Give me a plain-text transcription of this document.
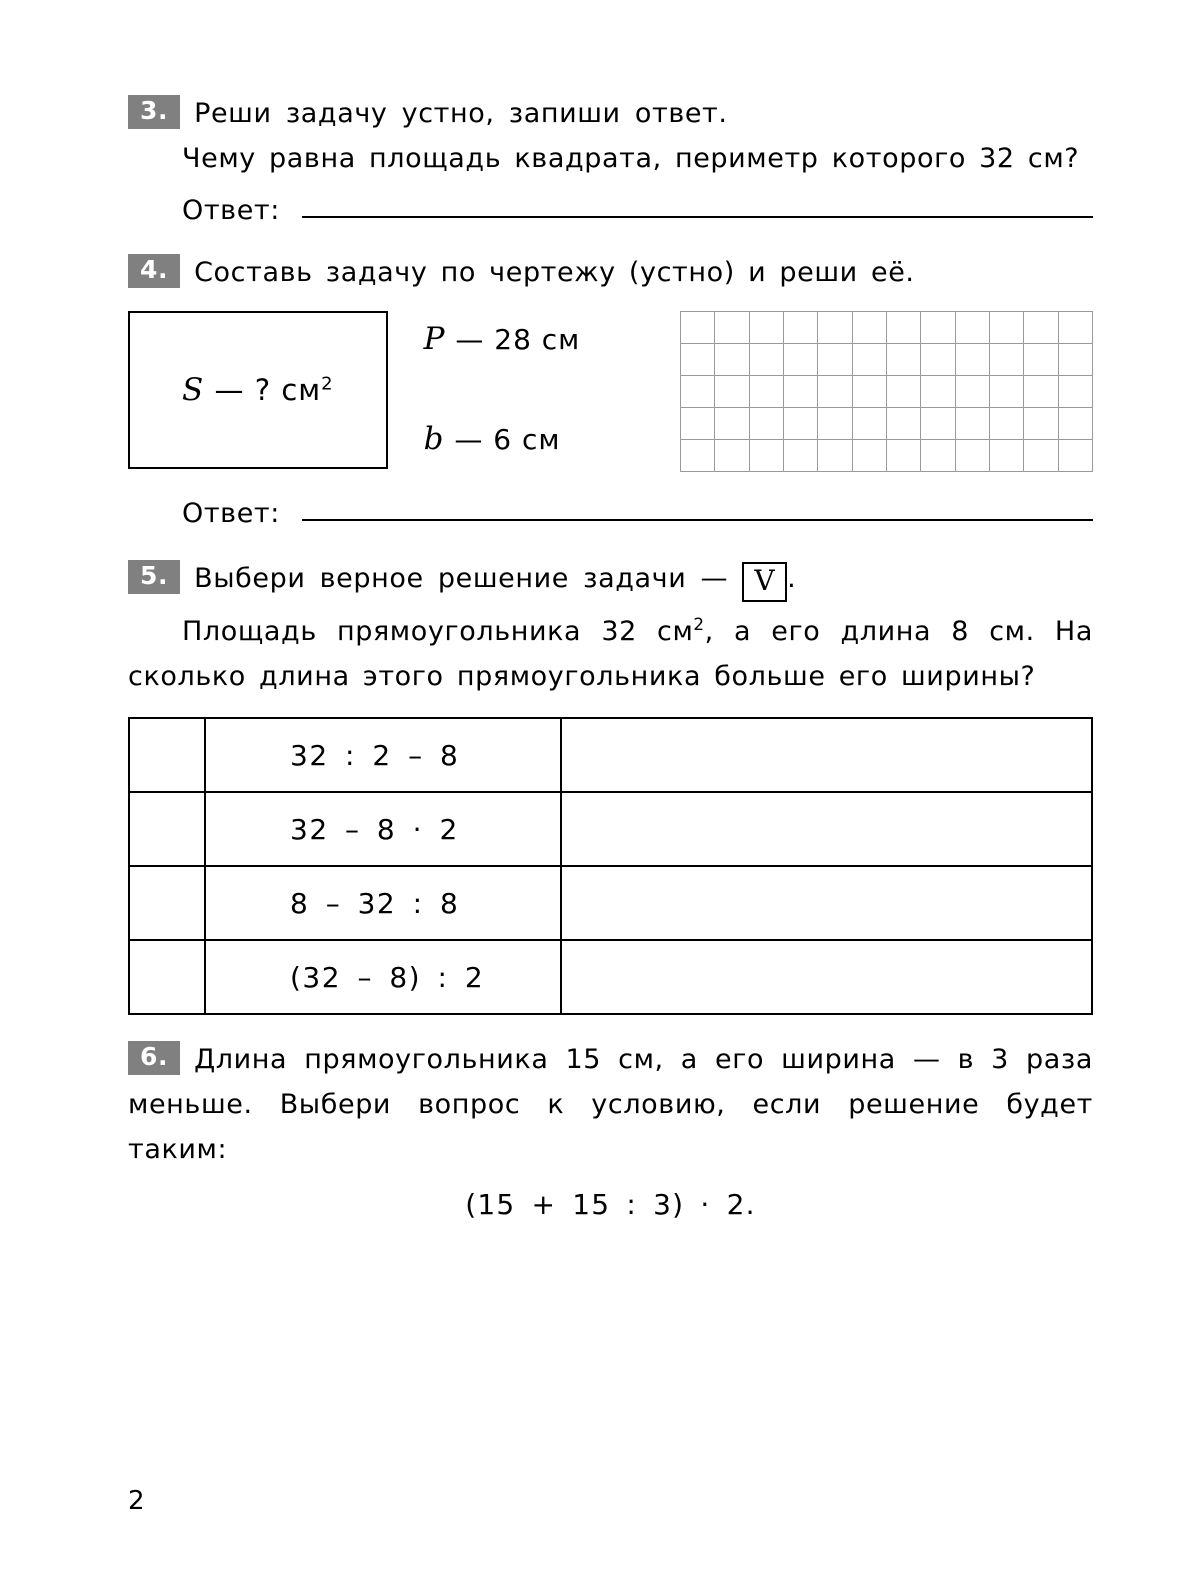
3. Реши задачу устно, запиши ответ.
Чему равна площадь квадрата, периметр которого 32 см?
Ответ:
4. Составь задачу по чертежу (устно) и реши её.
S — ? $см^2$
P — 28 см
b — 6 см

Ответ:
5. Выбери верное решение задачи — V .
Площадь прямоугольника 32 $см^2$, а его длина 8 см. На сколько длина этого прямоугольника больше его ширины?
	32 : 2 – 8	
	32 – 8 · 2	
	8 – 32 : 8	
	(32 – 8) : 2	
6. Длина прямоугольника 15 см, а его ширина — в 3 раза меньше. Выбери вопрос к условию, если решение будет таким:
(15 + 15 : 3) · 2.
2
